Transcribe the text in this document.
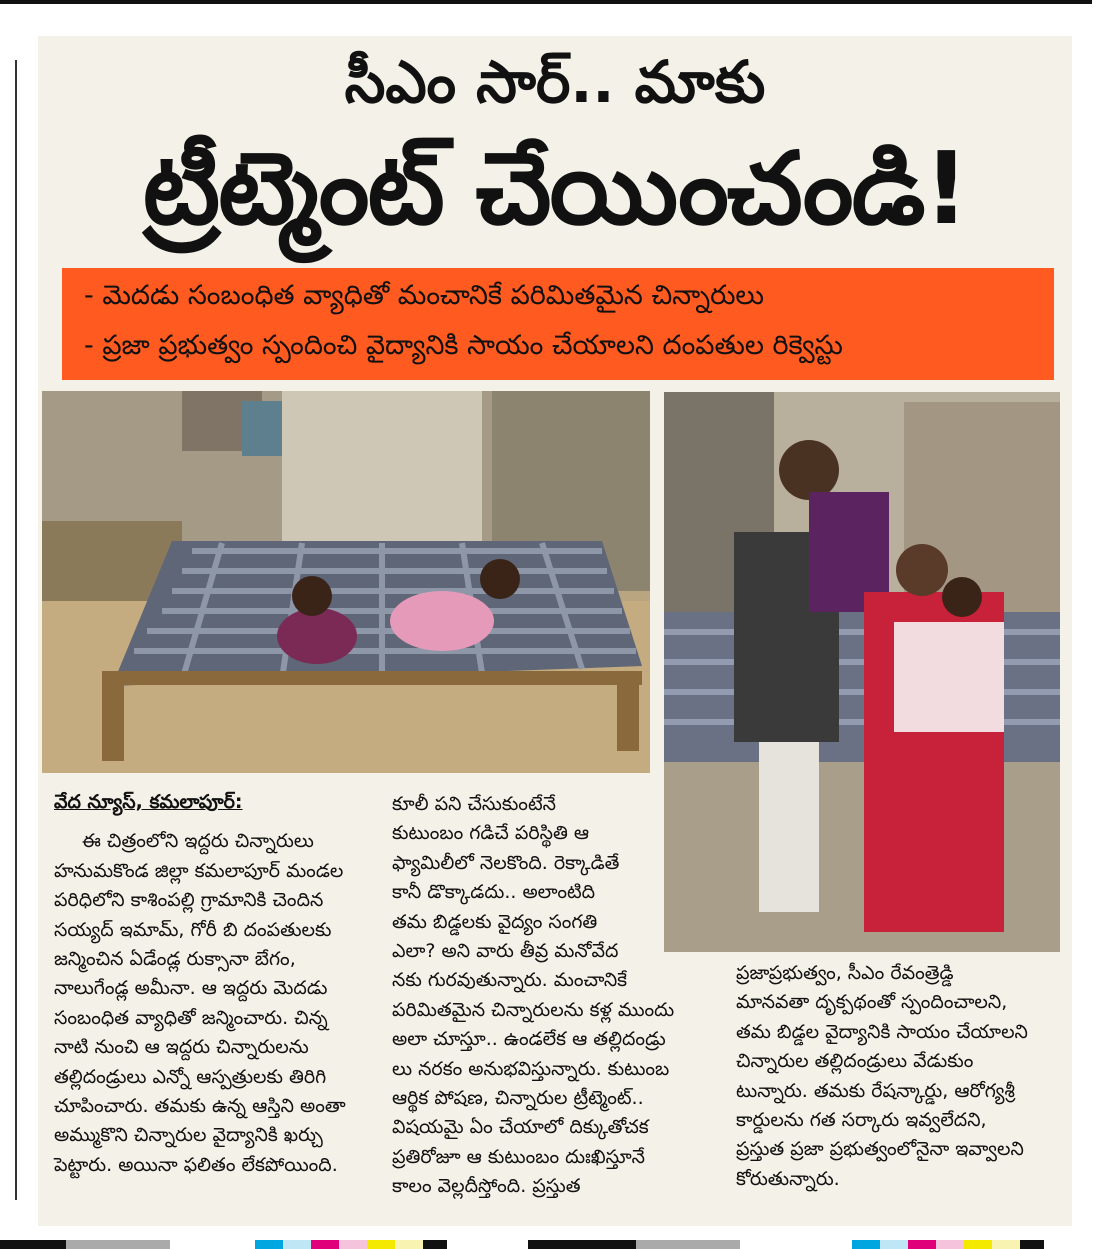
సీఎం సార్.. మాకు
ట్రీట్మెంట్ చేయించండి!
- మెదడు సంబంధిత వ్యాధితో మంచానికే పరిమితమైన చిన్నారులు
- ప్రజా ప్రభుత్వం స్పందించి వైద్యానికి సాయం చేయాలని దంపతుల రిక్వెస్టు

వేద న్యూస్, కమలాపూర్:

ఈ చిత్రంలోని ఇద్దరు చిన్నారులు

హనుమకొండ జిల్లా కమలాపూర్ మండల

పరిధిలోని కాశింపల్లి గ్రామానికి చెందిన

సయ్యద్ ఇమామ్, గోరీ బి దంపతులకు

జన్మించిన ఏడేండ్ల రుక్సానా బేగం,

నాలుగేండ్ల అమీనా. ఆ ఇద్దరు మెదడు

సంబంధిత వ్యాధితో జన్మించారు. చిన్న

నాటి నుంచి ఆ ఇద్దరు చిన్నారులను

తల్లిదండ్రులు ఎన్నో ఆస్పత్రులకు తిరిగి

చూపించారు. తమకు ఉన్న ఆస్తిని అంతా

అమ్ముకొని చిన్నారుల వైద్యానికి ఖర్చు

పెట్టారు. అయినా ఫలితం లేకపోయింది.

కూలీ పని చేసుకుంటేనే

కుటుంబం గడిచే పరిస్థితి ఆ

ఫ్యామిలీలో నెలకొంది. రెక్కాడితే

కానీ డొక్కాడదు.. అలాంటిది

తమ బిడ్డలకు వైద్యం సంగతి

ఎలా? అని వారు తీవ్ర మనోవేద

నకు గురవుతున్నారు. మంచానికే

పరిమితమైన చిన్నారులను కళ్ల ముందు

అలా చూస్తూ.. ఉండలేక ఆ తల్లిదండ్రు

లు నరకం అనుభవిస్తున్నారు. కుటుంబ

ఆర్థిక పోషణ, చిన్నారుల ట్రీట్మెంట్..

విషయమై ఏం చేయాలో దిక్కుతోచక

ప్రతిరోజూ ఆ కుటుంబం దుఃఖిస్తూనే

కాలం వెల్లదీస్తోంది. ప్రస్తుత

ప్రజాప్రభుత్వం, సీఎం రేవంత్రెడ్డి

మానవతా దృక్పథంతో స్పందించాలని,

తమ బిడ్డల వైద్యానికి సాయం చేయాలని

చిన్నారుల తల్లిదండ్రులు వేడుకుం

టున్నారు. తమకు రేషన్కార్డు, ఆరోగ్యశ్రీ

కార్డులను గత సర్కారు ఇవ్వలేదని,

ప్రస్తుత ప్రజా ప్రభుత్వంలోనైనా ఇవ్వాలని

కోరుతున్నారు.
